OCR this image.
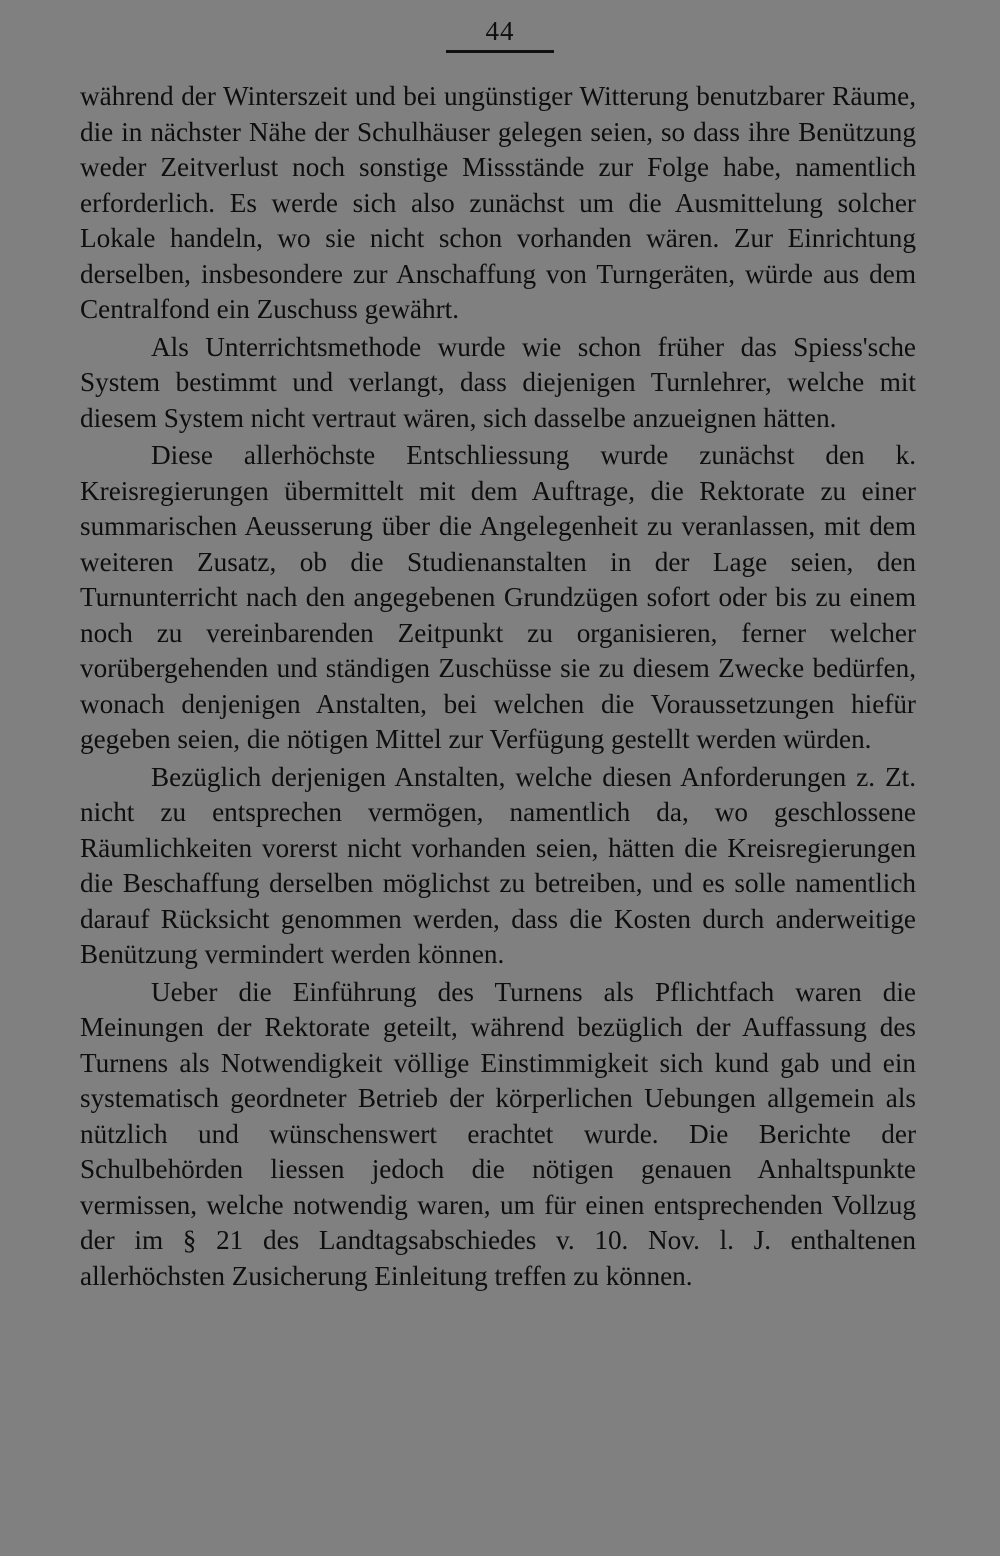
44

während der Winterszeit und bei ungünstiger Witterung benutzbarer Räume, die in nächster Nähe der Schulhäuser gelegen seien, so dass ihre Benützung weder Zeitverlust noch sonstige Missstände zur Folge habe, namentlich erforderlich. Es werde sich also zunächst um die Ausmittelung solcher Lokale handeln, wo sie nicht schon vorhanden wären. Zur Einrichtung derselben, insbesondere zur Anschaffung von Turngeräten, würde aus dem Centralfond ein Zuschuss gewährt.

Als Unterrichtsmethode wurde wie schon früher das Spiess'sche System bestimmt und verlangt, dass diejenigen Turnlehrer, welche mit diesem System nicht vertraut wären, sich dasselbe anzueignen hätten.

Diese allerhöchste Entschliessung wurde zunächst den k. Kreisregierungen übermittelt mit dem Auftrage, die Rektorate zu einer summarischen Aeusserung über die Angelegenheit zu veranlassen, mit dem weiteren Zusatz, ob die Studienanstalten in der Lage seien, den Turnunterricht nach den angegebenen Grundzügen sofort oder bis zu einem noch zu vereinbarenden Zeitpunkt zu organisieren, ferner welcher vorübergehenden und ständigen Zuschüsse sie zu diesem Zwecke bedürfen, wonach denjenigen Anstalten, bei welchen die Voraussetzungen hiefür gegeben seien, die nötigen Mittel zur Verfügung gestellt werden würden.

Bezüglich derjenigen Anstalten, welche diesen Anforderungen z. Zt. nicht zu entsprechen vermögen, namentlich da, wo geschlossene Räumlichkeiten vorerst nicht vorhanden seien, hätten die Kreisregierungen die Beschaffung derselben möglichst zu betreiben, und es solle namentlich darauf Rücksicht genommen werden, dass die Kosten durch anderweitige Benützung vermindert werden können.

Ueber die Einführung des Turnens als Pflichtfach waren die Meinungen der Rektorate geteilt, während bezüglich der Auffassung des Turnens als Notwendigkeit völlige Einstimmigkeit sich kund gab und ein systematisch geordneter Betrieb der körperlichen Uebungen allgemein als nützlich und wünschenswert erachtet wurde. Die Berichte der Schulbehörden liessen jedoch die nötigen genauen Anhaltspunkte vermissen, welche notwendig waren, um für einen entsprechenden Vollzug der im § 21 des Landtagsabschiedes v. 10. Nov. l. J. enthaltenen allerhöchsten Zusicherung Einleitung treffen zu können.
